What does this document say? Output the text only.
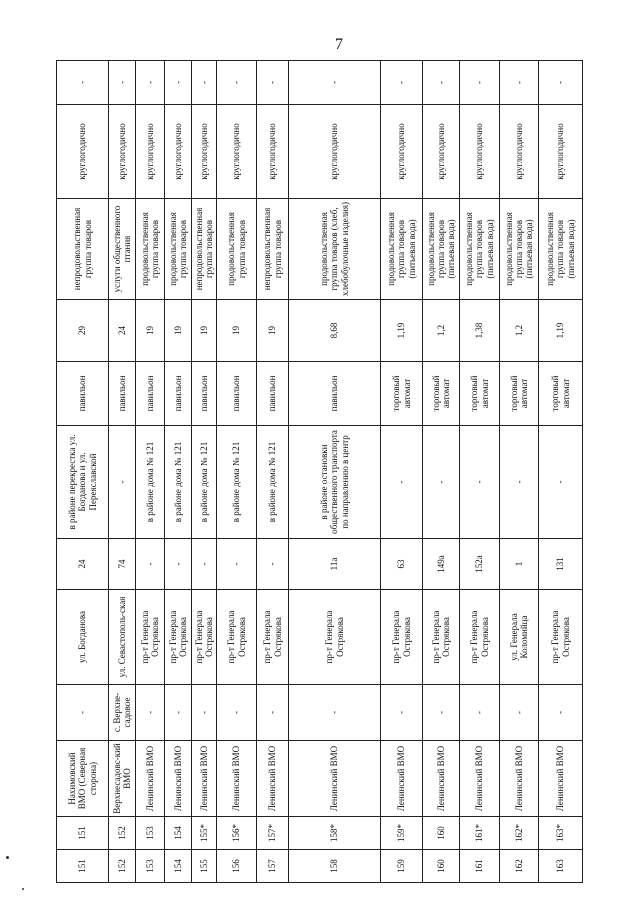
7
151	151	Нахимовский ВМО (Северная сторона)	-	ул. Богданова	24	в районе перекрестка ул. Богданова и ул. Переяславской	павильон	29	непродовольственная группа товаров	круглогодично	-
152	152	Верхнесадовс-кий ВМО	с. Верхне-садовое	ул. Севастополь-ская	74	-	павильон	24	услуги общественного птания	круглогодично	-
153	153	Ленинский ВМО	-	пр-т Генерала Острякова	-	в районе дома № 121	павильон	19	продовольственная группа товаров	круглогодично	-
154	154	Ленинский ВМО	-	пр-т Генерала Острякова	-	в районе дома № 121	павильон	19	продовольственная группа товаров	круглогодично	-
155	155*	Ленинский ВМО	-	пр-т Генерала Острякова	-	в районе дома № 121	павильон	19	непродовольственная группа товаров	круглогодично	-
156	156*	Ленинский ВМО	-	пр-т Генерала Острякова	-	в районе дома № 121	павильон	19	продовольственная группа товаров	круглогодично	-
157	157*	Ленинский ВМО	-	пр-т Генерала Острякова	-	в районе дома № 121	павильон	19	непродовольственная группа товаров	круглогодично	-
158	158*	Ленинский ВМО	-	пр-т Генерала Острякова	11а	в районе остановки общественного транспорта по направлению в центр	павильон	8,68	продовольственная группа товаров (хлеб, хлебобулочные изделия)	круглогодично	-
159	159*	Ленинский ВМО	-	пр-т Генерала Острякова	63	-	торговый автомат	1,19	продовольственная группа товаров (питьевая вода)	круглогодично	-
160	160	Ленинский ВМО	-	пр-т Генерала Острякова	149а	-	торговый автомат	1,2	продовольственная группа товаров (питьевая вода)	круглогодично	-
161	161*	Ленинский ВМО	-	пр-т Генерала Острякова	152а	-	торговый автомат	1,38	продовольственная группа товаров (питьевая вода)	круглогодично	-
162	162*	Ленинский ВМО	-	ул. Генерала Коломийца	1	-	торговый автомат	1,2	продовольственная группа товаров (питьевая вода)	круглогодично	-
163	163*	Ленинский ВМО	-	пр-т Генерала Острякова	131	-	торговый автомат	1,19	продовольственная группа товаров (питьевая вода)	круглогодично	-
